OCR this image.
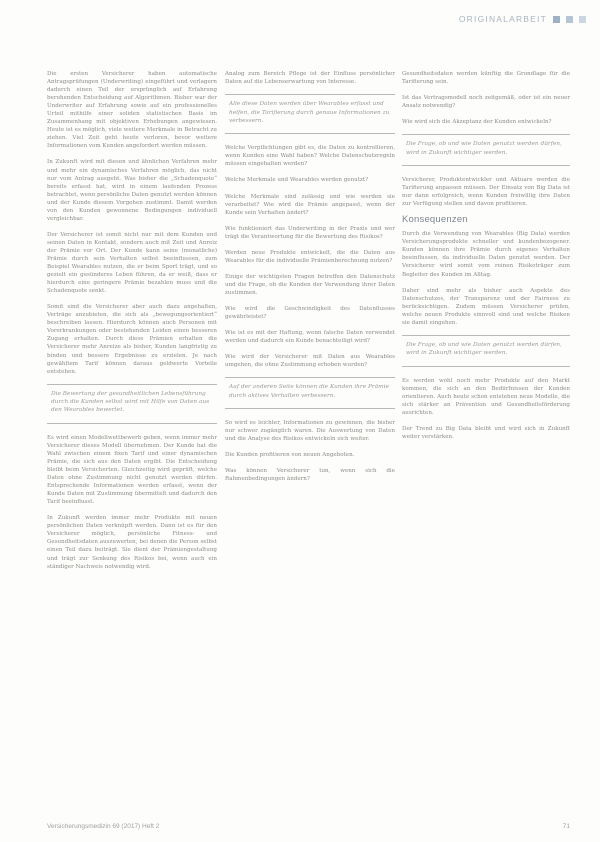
ORIGINALARBEIT

Die ersten Versicherer haben automatische Antragsprüfungen (Underwriting) eingeführt und verlagern dadurch einen Teil der ursprünglich auf Erfahrung beruhenden Entscheidung auf Algorithmen. Bisher war der Underwriter auf Erfahrung sowie auf ein professionelles Urteil mithilfe einer soliden statistischen Basis im Zusammenhang mit objektiven Erhebungen angewiesen. Heute ist es möglich, viele weitere Merkmale in Betracht zu ziehen. Viel Zeit geht heute verloren, bevor weitere Informationen vom Kunden angefordert werden müssen.

In Zukunft wird mit diesen und ähnlichen Verfahren mehr und mehr ein dynamisches Verfahren möglich, das nicht nur vom Antrag ausgeht. Was bisher die „Schadenquote“ bereits erfasst hat, wird in einem laufenden Prozess betrachtet, wenn persönliche Daten genutzt werden können und der Kunde diesem Vorgehen zustimmt. Damit werden von den Kunden gewonnene Bedingungen individuell vergleichbar.

Der Versicherer ist somit nicht nur mit dem Kunden und seinen Daten in Kontakt, sondern auch mit Zeit und Anreiz der Prämie vor Ort. Der Kunde kann seine (monatliche) Prämie durch sein Verhalten selbst beeinflussen, zum Beispiel Wearables nutzen, die er beim Sport trägt, und so gezielt ein gesünderes Leben führen, da er weiß, dass er hierdurch eine geringere Prämie bezahlen muss und die Schadenquote senkt.

Somit sind die Versicherer aber auch dazu angehalten, Verträge anzubieten, die sich als „bewegungsorientiert“ beschreiben lassen. Hierdurch können auch Personen mit Vorerkrankungen oder bestehenden Leiden einen besseren Zugang erhalten. Durch diese Prämien erhalten die Versicherer mehr Anreize als bisher, Kunden langfristig zu binden und bessere Ergebnisse zu erzielen. Je nach gewähltem Tarif können daraus geldwerte Vorteile entstehen.

Die Bewertung der gesundheitlichen Lebensführung durch die Kunden selbst wird mit Hilfe von Daten aus den Wearables bewertet.

Es wird einen Modellwettbewerb geben, wenn immer mehr Versicherer dieses Modell übernehmen. Der Kunde hat die Wahl zwischen einem fixen Tarif und einer dynamischen Prämie, die sich aus den Daten ergibt. Die Entscheidung bleibt beim Versicherten. Gleichzeitig wird geprüft, welche Daten ohne Zustimmung nicht genutzt werden dürfen. Entsprechende Informationen werden erfasst, wenn der Kunde Daten mit Zustimmung übermittelt und dadurch den Tarif beeinflusst.

In Zukunft werden immer mehr Produkte mit neuen persönlichen Daten verknüpft werden. Dann ist es für den Versicherer möglich, persönliche Fitness- und Gesundheitsdaten auszuwerten, bei denen die Person selbst einen Teil dazu beiträgt. Sie dient der Prämiengestaltung und trägt zur Senkung des Risikos bei, wenn auch ein ständiger Nachweis notwendig wird.

Analog zum Bereich Pflege ist der Einfluss persönlicher Daten auf die Lebenserwartung von Interesse.

Alle diese Daten werden über Wearables erfasst und helfen, die Tarifierung durch genaue Informationen zu verbessern.

Welche Verpflichtungen gibt es, die Daten zu kontrollieren, wenn Kunden eine Wahl haben? Welche Datenschutzregeln müssen eingehalten werden?

Welche Merkmale und Wearables werden genutzt?

Welche Merkmale sind zulässig und wie werden sie verarbeitet? Wie wird die Prämie angepasst, wenn der Kunde sein Verhalten ändert?

Wie funktioniert das Underwriting in der Praxis und wer trägt die Verantwortung für die Bewertung des Risikos?

Werden neue Produkte entwickelt, die die Daten aus Wearables für die individuelle Prämienberechnung nutzen?

Einige der wichtigsten Fragen betreffen den Datenschutz und die Frage, ob die Kunden der Verwendung ihrer Daten zustimmen.

Wie wird die Geschwindigkeit des Datenflusses gewährleistet?

Wie ist es mit der Haftung, wenn falsche Daten verwendet werden und dadurch ein Kunde benachteiligt wird?

Wie wird der Versicherer mit Daten aus Wearables umgehen, die ohne Zustimmung erhoben wurden?

Auf der anderen Seite können die Kunden ihre Prämie durch aktives Verhalten verbessern.

So wird es leichter, Informationen zu gewinnen, die bisher nur schwer zugänglich waren. Die Auswertung von Daten und die Analyse des Risikos entwickeln sich weiter.

Die Kunden profitieren von neuen Angeboten.

Was können Versicherer tun, wenn sich die Rahmenbedingungen ändern?

Gesundheitsdaten werden künftig die Grundlage für die Tarifierung sein.

Ist das Vertragsmodell noch zeitgemäß, oder ist ein neuer Ansatz notwendig?

Wie wird sich die Akzeptanz der Kunden entwickeln?

Die Frage, ob und wie Daten genutzt werden dürfen, wird in Zukunft wichtiger werden.

Versicherer, Produktentwickler und Aktuare werden die Tarifierung anpassen müssen. Der Einsatz von Big Data ist nur dann erfolgreich, wenn Kunden freiwillig ihre Daten zur Verfügung stellen und davon profitieren.

Konsequenzen

Durch die Verwendung von Wearables (Big Data) werden Versicherungsprodukte schneller und kundenbezogener. Kunden können ihre Prämie durch eigenes Verhalten beeinflussen, da individuelle Daten genutzt werden. Der Versicherer wird somit vom reinen Risikoträger zum Begleiter des Kunden im Alltag.

Daher sind mehr als bisher auch Aspekte des Datenschutzes, der Transparenz und der Fairness zu berücksichtigen. Zudem müssen Versicherer prüfen, welche neuen Produkte sinnvoll sind und welche Risiken sie damit eingehen.

Die Frage, ob und wie Daten genutzt werden dürfen, wird in Zukunft wichtiger werden.

Es werden wohl noch mehr Produkte auf den Markt kommen, die sich an den Bedürfnissen der Kunden orientieren. Auch heute schon entstehen neue Modelle, die sich stärker an Prävention und Gesundheitsförderung ausrichten.

Der Trend zu Big Data bleibt und wird sich in Zukunft weiter verstärken.

Versicherungsmedizin 69 (2017) Heft 2	71
